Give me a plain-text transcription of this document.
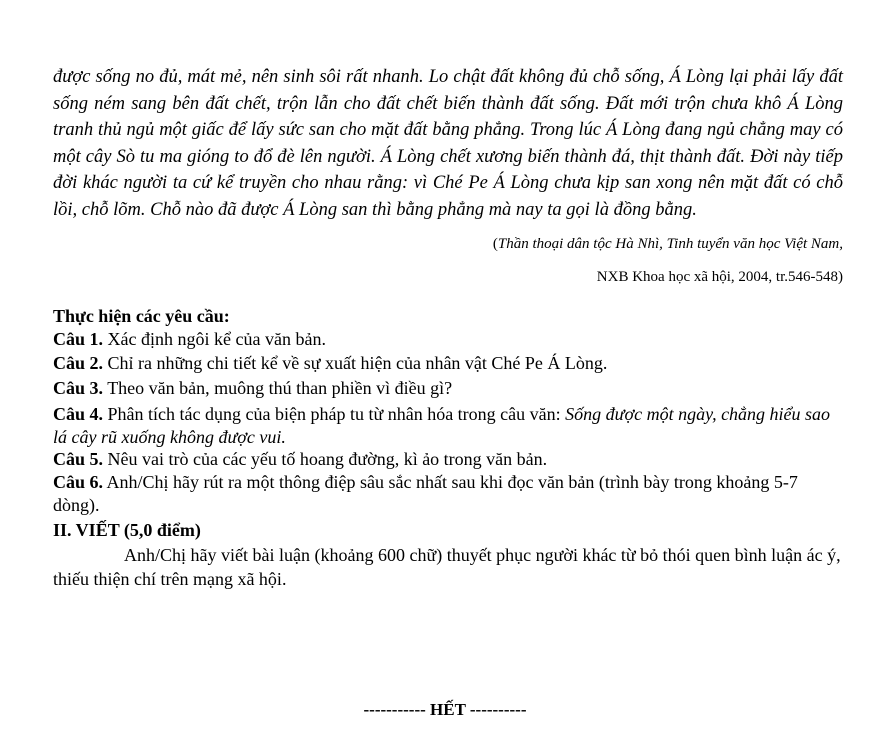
được sống no đủ, mát mẻ, nên sinh sôi rất nhanh. Lo chật đất không đủ chỗ sống, Á Lòng lại phải lấy đất sống ném sang bên đất chết, trộn lẫn cho đất chết biến thành đất sống. Đất mới trộn chưa khô Á Lòng tranh thủ ngủ một giấc để lấy sức san cho mặt đất bằng phẳng. Trong lúc Á Lòng đang ngủ chẳng may có một cây Sò tu ma gióng to đổ đè lên người. Á Lòng chết xương biến thành đá, thịt thành đất. Đời này tiếp đời khác người ta cứ kể truyền cho nhau rằng: vì Ché Pe Á Lòng chưa kịp san xong nên mặt đất có chỗ lồi, chỗ lõm. Chỗ nào đã được Á Lòng san thì bằng phẳng mà nay ta gọi là đồng bằng.

(Thần thoại dân tộc Hà Nhì, Tinh tuyển văn học Việt Nam,

NXB Khoa học xã hội, 2004, tr.546-548)

Thực hiện các yêu cầu:

Câu 1. Xác định ngôi kể của văn bản.

Câu 2. Chỉ ra những chi tiết kể về sự xuất hiện của nhân vật Ché Pe Á Lòng.

Câu 3. Theo văn bản, muông thú than phiền vì điều gì?

Câu 4. Phân tích tác dụng của biện pháp tu từ nhân hóa trong câu văn: Sống được một ngày, chẳng hiểu sao lá cây rũ xuống không được vui.

Câu 5. Nêu vai trò của các yếu tố hoang đường, kì ảo trong văn bản.

Câu 6. Anh/Chị hãy rút ra một thông điệp sâu sắc nhất sau khi đọc văn bản (trình bày trong khoảng 5-7 dòng).

II. VIẾT (5,0 điểm)

Anh/Chị hãy viết bài luận (khoảng 600 chữ) thuyết phục người khác từ bỏ thói quen bình luận ác ý, thiếu thiện chí trên mạng xã hội.

----------- HẾT ----------
